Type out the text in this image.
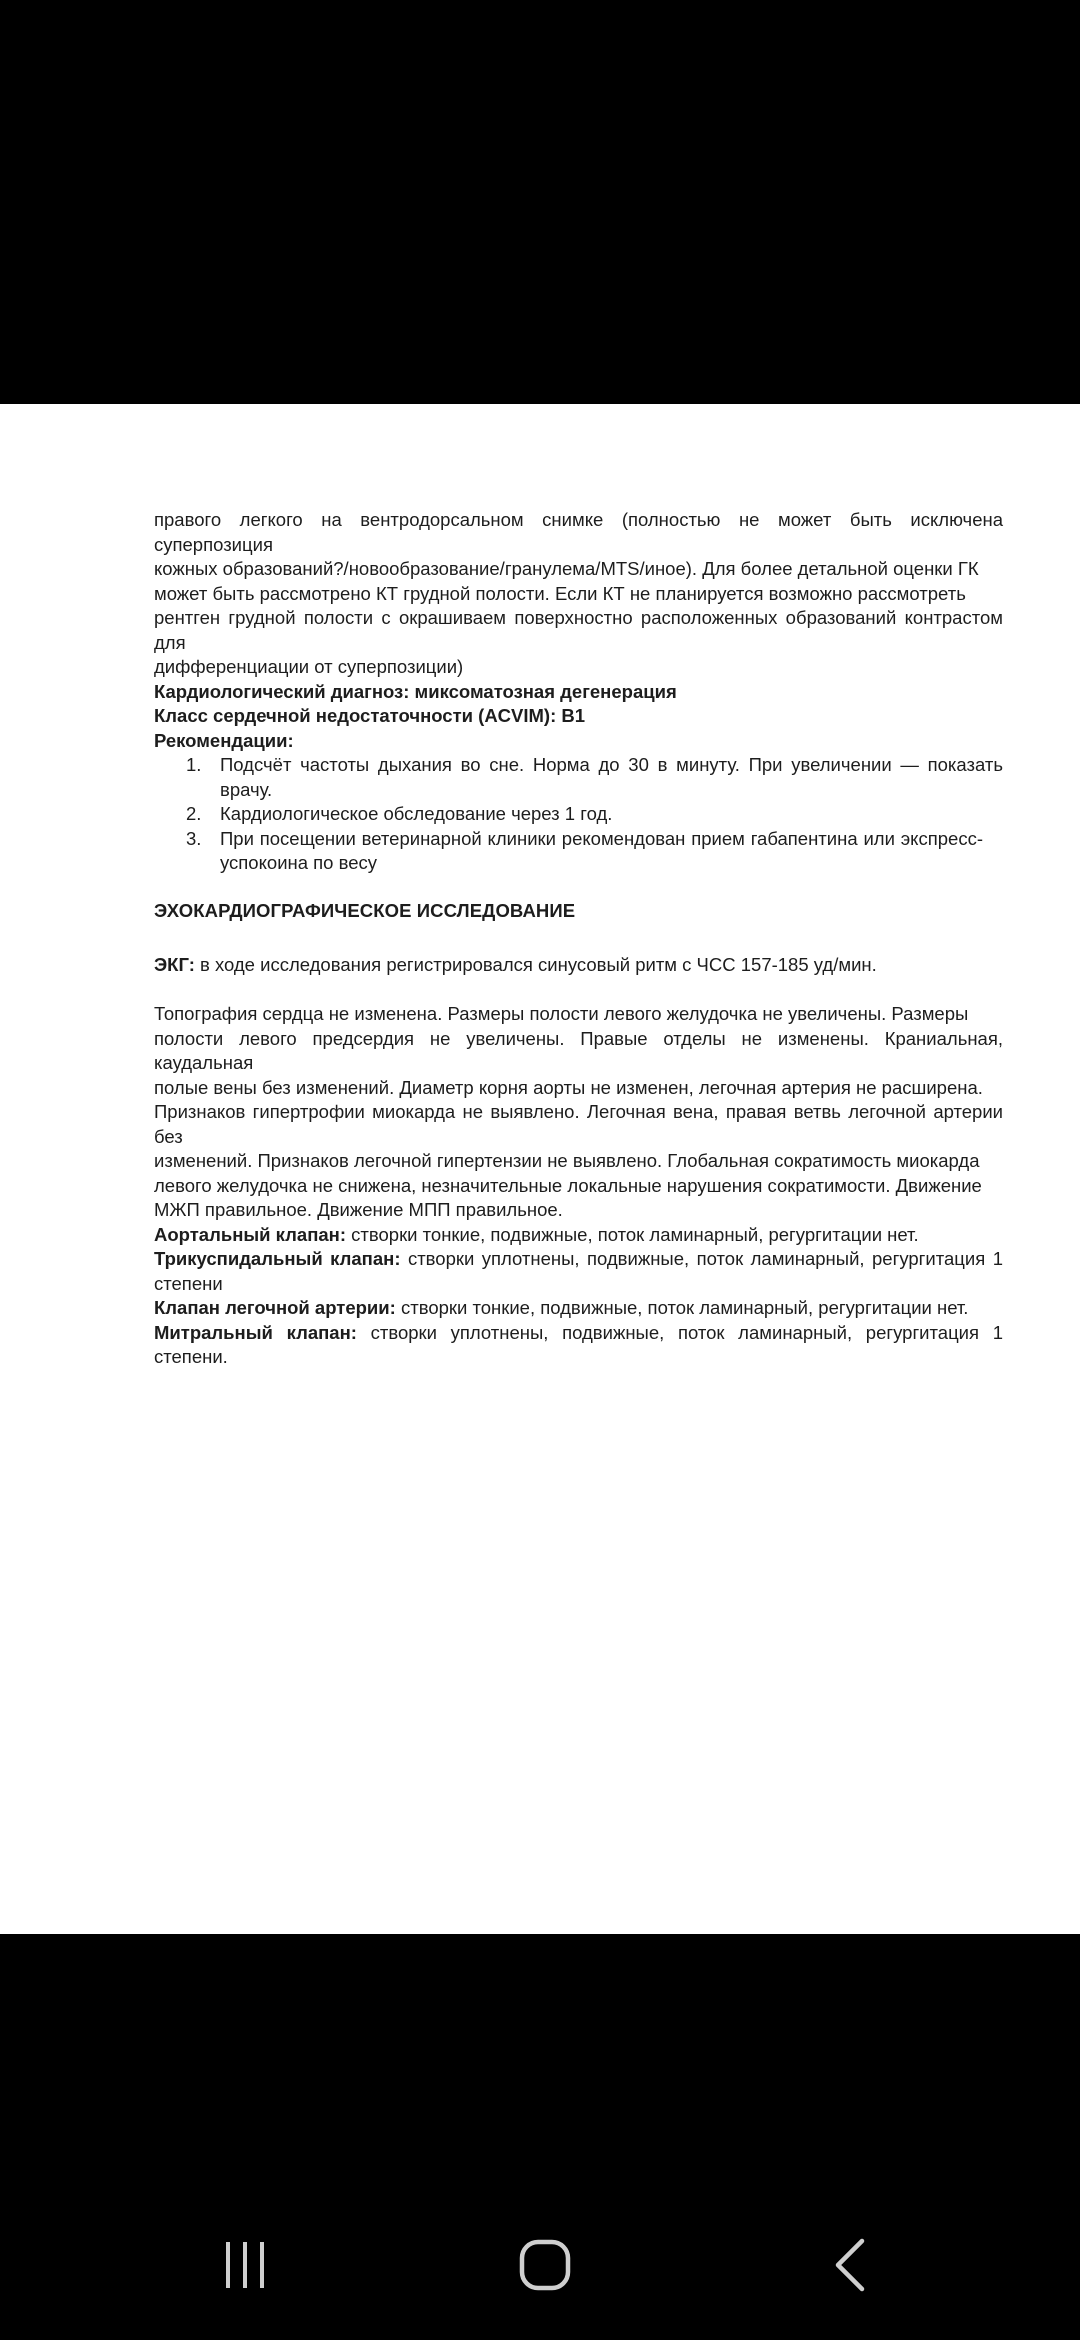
правого легкого на вентродорсальном снимке (полностью не может быть исключена суперпозиция
кожных образований?/новообразование/гранулема/MTS/иное). Для более детальной оценки ГК
может быть рассмотрено КТ грудной полости. Если КТ не планируется возможно рассмотреть
рентген грудной полости с окрашиваем поверхностно расположенных образований контрастом для
дифференциации от суперпозиции)
Кардиологический диагноз: миксоматозная дегенерация
Класс сердечной недостаточности (ACVIM): B1
Рекомендации:
1. Подсчёт частоты дыхания во сне. Норма до 30 в минуту. При увеличении — показать врачу.
2. Кардиологическое обследование через 1 год.
3. При посещении ветеринарной клиники рекомендован прием габапентина или экспресс-успокоина по весу
ЭХОКАРДИОГРАФИЧЕСКОЕ ИССЛЕДОВАНИЕ
ЭКГ: в ходе исследования регистрировался синусовый ритм с ЧСС 157-185 уд/мин.
Топография сердца не изменена. Размеры полости левого желудочка не увеличены. Размеры
полости левого предсердия не увеличены. Правые отделы не изменены. Краниальная, каудальная
полые вены без изменений. Диаметр корня аорты не изменен, легочная артерия не расширена.
Признаков гипертрофии миокарда не выявлено. Легочная вена, правая ветвь легочной артерии без
изменений. Признаков легочной гипертензии не выявлено. Глобальная сократимость миокарда
левого желудочка не снижена, незначительные локальные нарушения сократимости. Движение
МЖП правильное. Движение МПП правильное.
Аортальный клапан: створки тонкие, подвижные, поток ламинарный, регургитации нет.
Трикуспидальный клапан: створки уплотнены, подвижные, поток ламинарный, регургитация 1 степени
Клапан легочной артерии: створки тонкие, подвижные, поток ламинарный, регургитации нет.
Митральный клапан: створки уплотнены, подвижные, поток ламинарный, регургитация 1 степени.
